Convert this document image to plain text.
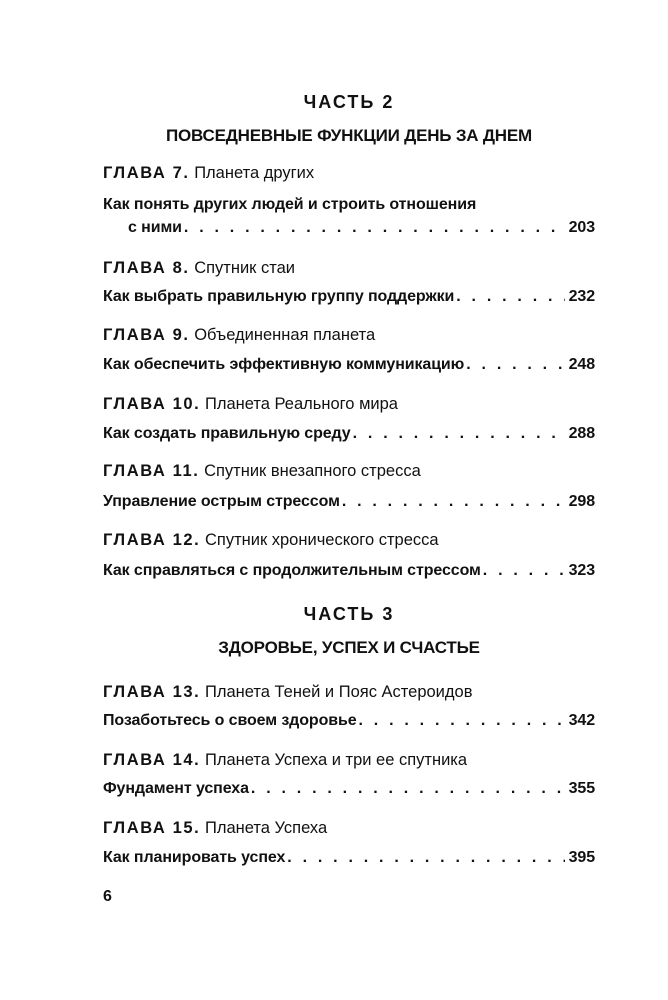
ЧАСТЬ 2
ПОВСЕДНЕВНЫЕ ФУНКЦИИ ДЕНЬ ЗА ДНЕМ
ГЛАВА 7. Планета других
Как понять других людей и строить отношения
с ними . . .	203
ГЛАВА 8. Спутник стаи
Как выбрать правильную группу поддержки . . .	232
ГЛАВА 9. Объединенная планета
Как обеспечить эффективную коммуникацию . . .	248
ГЛАВА 10. Планета Реального мира
Как создать правильную среду . . .	288
ГЛАВА 11. Спутник внезапного стресса
Управление острым стрессом . . .	298
ГЛАВА 12. Спутник хронического стресса
Как справляться с продолжительным стрессом . . .	323
ЧАСТЬ 3
ЗДОРОВЬЕ, УСПЕХ И СЧАСТЬЕ
ГЛАВА 13. Планета Теней и Пояс Астероидов
Позаботьтесь о своем здоровье . . .	342
ГЛАВА 14. Планета Успеха и три ее спутника
Фундамент успеха . . .	355
ГЛАВА 15. Планета Успеха
Как планировать успех . . .	395
6
